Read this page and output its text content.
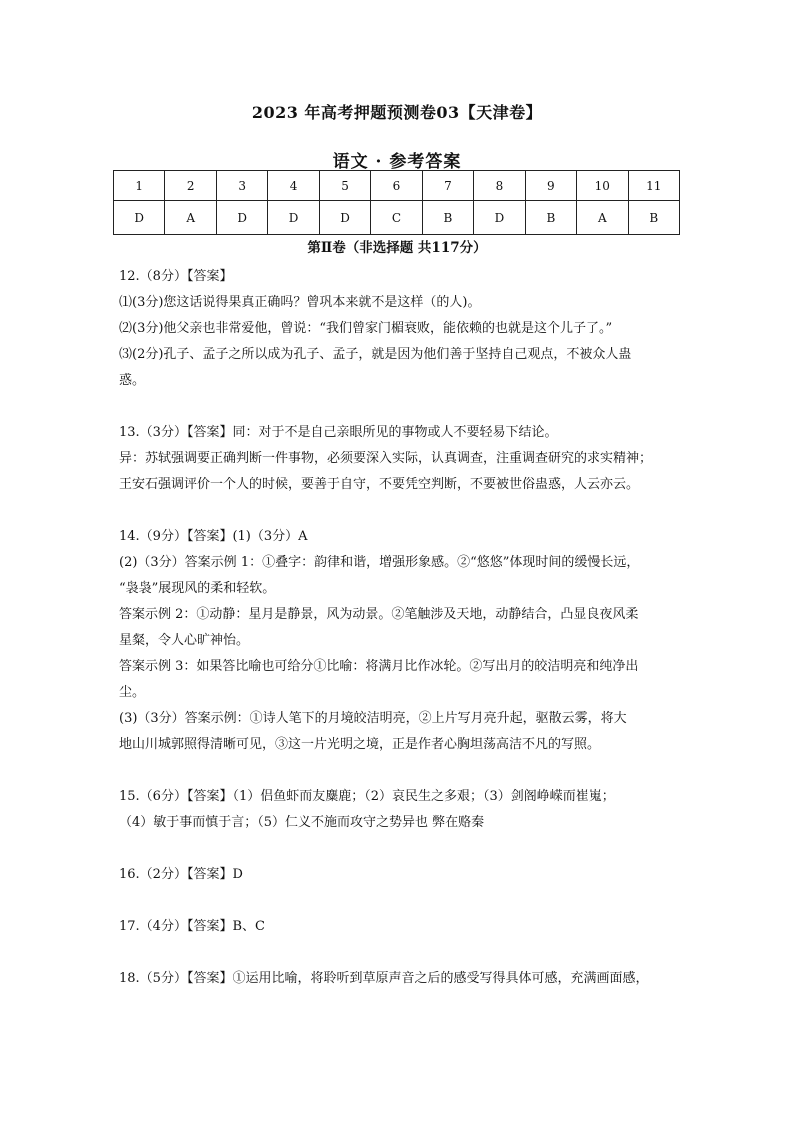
2023 年高考押题预测卷03【天津卷】
语文 · 参考答案
1	2	3	4	5	6	7	8	9	10	11
D	A	D	D	D	C	B	D	B	A	B
第Ⅱ卷（非选择题 共117分）

12.（8分）【答案】

⑴(3分)您这话说得果真正确吗？曾巩本来就不是这样（的人)。

⑵(3分)他父亲也非常爱他，曾说：“我们曾家门楣衰败，能依赖的也就是这个儿子了。”

⑶(2分)孔子、孟子之所以成为孔子、孟子，就是因为他们善于坚持自己观点，不被众人蛊

惑。

13.（3分）【答案】同：对于不是自己亲眼所见的事物或人不要轻易下结论。

异：苏轼强调要正确判断一件事物，必须要深入实际，认真调查，注重调查研究的求实精神；

王安石强调评价一个人的时候，要善于自守，不要凭空判断，不要被世俗蛊惑，人云亦云。

14.（9分）【答案】(1)（3分）A

(2)（3分）答案示例 1：①叠字：韵律和谐，增强形象感。②“悠悠”体现时间的缓慢长远，

“袅袅”展现风的柔和轻软。

答案示例 2：①动静：星月是静景，风为动景。②笔触涉及天地，动静结合，凸显良夜风柔

星粲，令人心旷神怡。

答案示例 3：如果答比喻也可给分①比喻：将满月比作冰轮。②写出月的皎洁明亮和纯净出

尘。

(3)（3分）答案示例：①诗人笔下的月境皎洁明亮，②上片写月亮升起，驱散云雾，将大

地山川城郭照得清晰可见，③这一片光明之境，正是作者心胸坦荡高洁不凡的写照。

15.（6分）【答案】（1）侣鱼虾而友麋鹿；（2）哀民生之多艰；（3）剑阁峥嵘而崔嵬；

（4）敏于事而慎于言；（5）仁义不施而攻守之势异也 弊在赂秦

16.（2分）【答案】D

17.（4分）【答案】B、C

18.（5分）【答案】①运用比喻，将聆听到草原声音之后的感受写得具体可感，充满画面感，
